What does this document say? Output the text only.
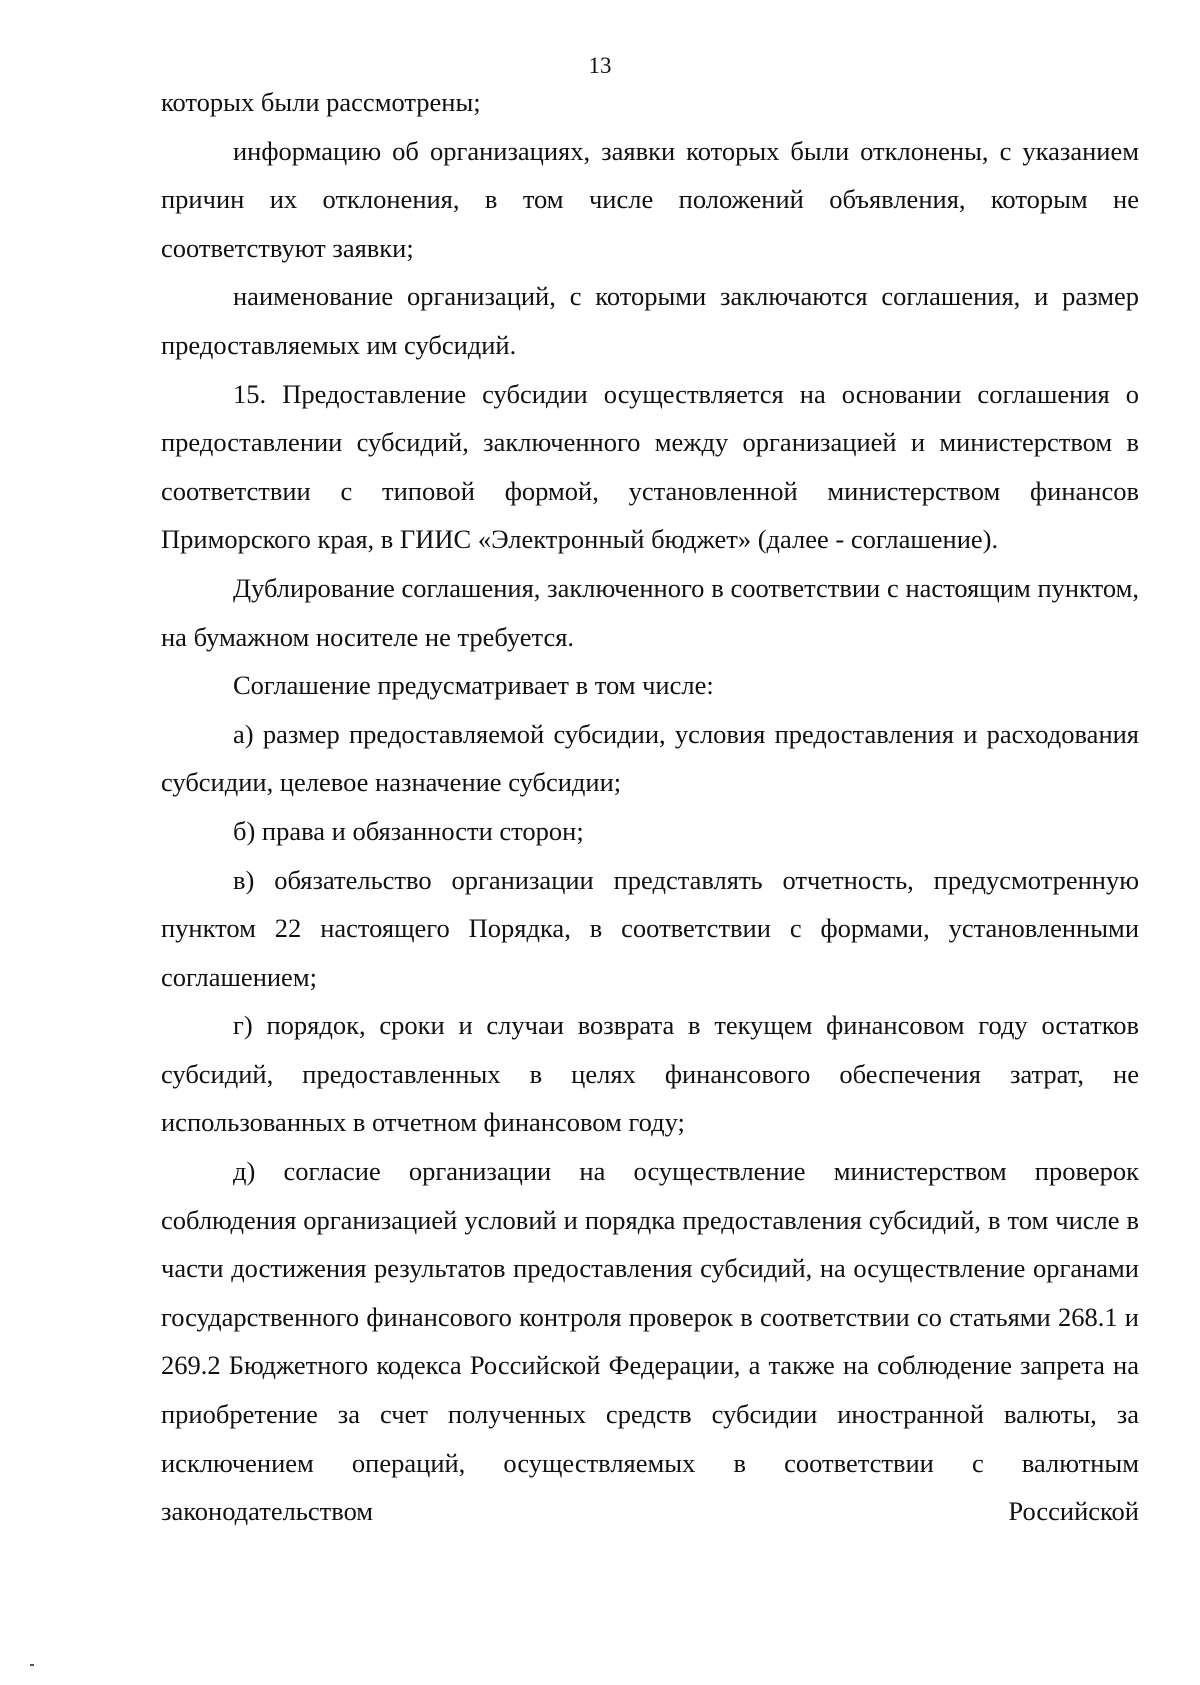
13

которых были рассмотрены;

информацию об организациях, заявки которых были отклонены, с указанием причин их отклонения, в том числе положений объявления, которым не соответствуют заявки;

наименование организаций, с которыми заключаются соглашения, и размер предоставляемых им субсидий.

15. Предоставление субсидии осуществляется на основании соглашения о предоставлении субсидий, заключенного между организацией и министерством в соответствии с типовой формой, установленной министерством финансов Приморского края, в ГИИС «Электронный бюджет» (далее - соглашение).

Дублирование соглашения, заключенного в соответствии с настоящим пунктом, на бумажном носителе не требуется.

Соглашение предусматривает в том числе:

а) размер предоставляемой субсидии, условия предоставления и расходования субсидии, целевое назначение субсидии;

б) права и обязанности сторон;

в) обязательство организации представлять отчетность, предусмотренную пунктом 22 настоящего Порядка, в соответствии с формами, установленными соглашением;

г) порядок, сроки и случаи возврата в текущем финансовом году остатков субсидий, предоставленных в целях финансового обеспечения затрат, не использованных в отчетном финансовом году;

д) согласие организации на осуществление министерством проверок соблюдения организацией условий и порядка предоставления субсидий, в том числе в части достижения результатов предоставления субсидий, на осуществление органами государственного финансового контроля проверок в соответствии со статьями 268.1 и 269.2 Бюджетного кодекса Российской Федерации, а также на соблюдение запрета на приобретение за счет полученных средств субсидии иностранной валюты, за исключением операций, осуществляемых в соответствии с валютным законодательством Российской
